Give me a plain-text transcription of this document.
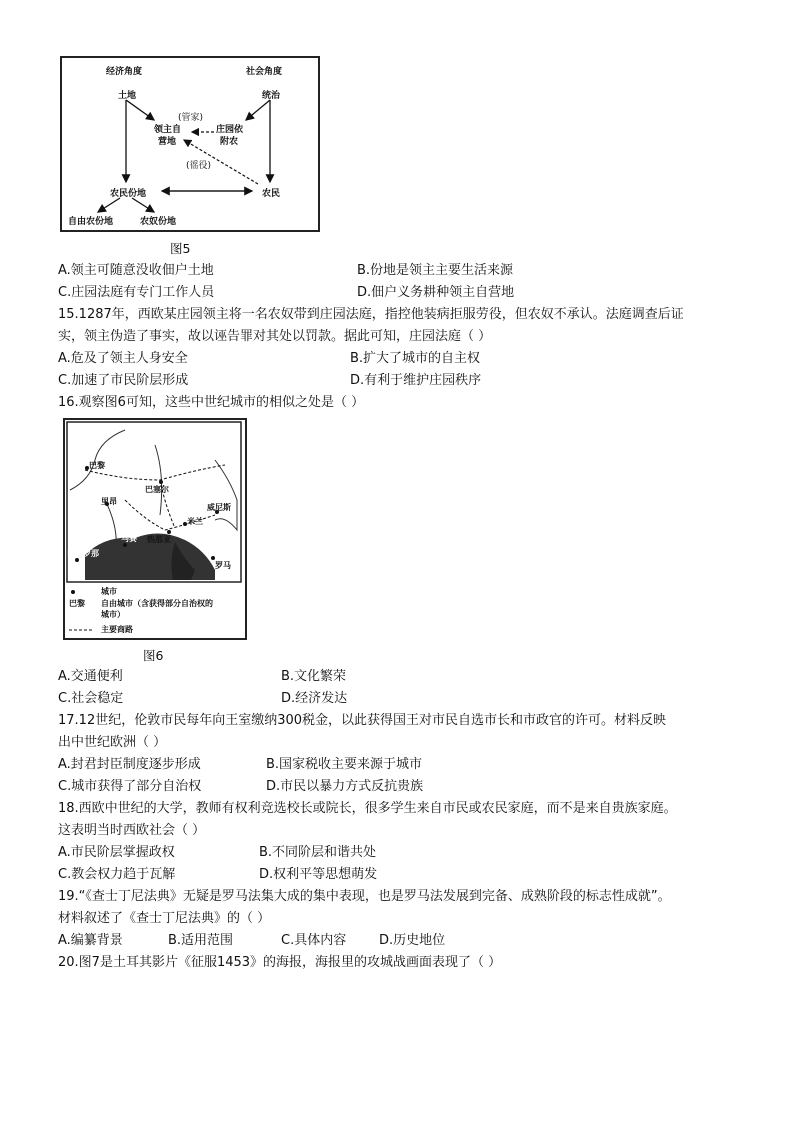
经济角度	社会角度
土地	统治
(管家)
领主自
营地
庄园依
附农
(徭役)
农民份地	农民
自由农份地	农奴份地
图5
A.领主可随意没收佃户土地	B.份地是领主主要生活来源
C.庄园法庭有专门工作人员	D.佃户义务耕种领主自营地
15.1287年，西欧某庄园领主将一名农奴带到庄园法庭，指控他装病拒服劳役，但农奴不承认。法庭调查后证
实，领主伪造了事实，故以诬告罪对其处以罚款。据此可知，庄园法庭（ ）
A.危及了领主人身安全	B.扩大了城市的自主权
C.加速了市民阶层形成	D.有利于维护庄园秩序
16.观察图6可知，这些中世纪城市的相似之处是（ ）
巴黎
巴塞尔
米兰
热那亚
威尼斯
罗马
巴塞罗那
马赛
里昂
城市
巴黎 自由城市（含获得部分自治权的
城市）
主要商路
图6
A.交通便利	B.文化繁荣
C.社会稳定	D.经济发达
17.12世纪，伦敦市民每年向王室缴纳300税金，以此获得国王对市民自选市长和市政官的许可。材料反映
出中世纪欧洲（ ）
A.封君封臣制度逐步形成	B.国家税收主要来源于城市
C.城市获得了部分自治权	D.市民以暴力方式反抗贵族
18.西欧中世纪的大学，教师有权利竞选校长或院长，很多学生来自市民或农民家庭，而不是来自贵族家庭。
这表明当时西欧社会（ ）
A.市民阶层掌握政权	B.不同阶层和谐共处
C.教会权力趋于瓦解	D.权利平等思想萌发
19.“《查士丁尼法典》无疑是罗马法集大成的集中表现，也是罗马法发展到完备、成熟阶段的标志性成就”。
材料叙述了《查士丁尼法典》的（ ）
A.编纂背景	B.适用范围	C.具体内容	D.历史地位
20.图7是土耳其影片《征服1453》的海报，海报里的攻城战画面表现了（ ）
